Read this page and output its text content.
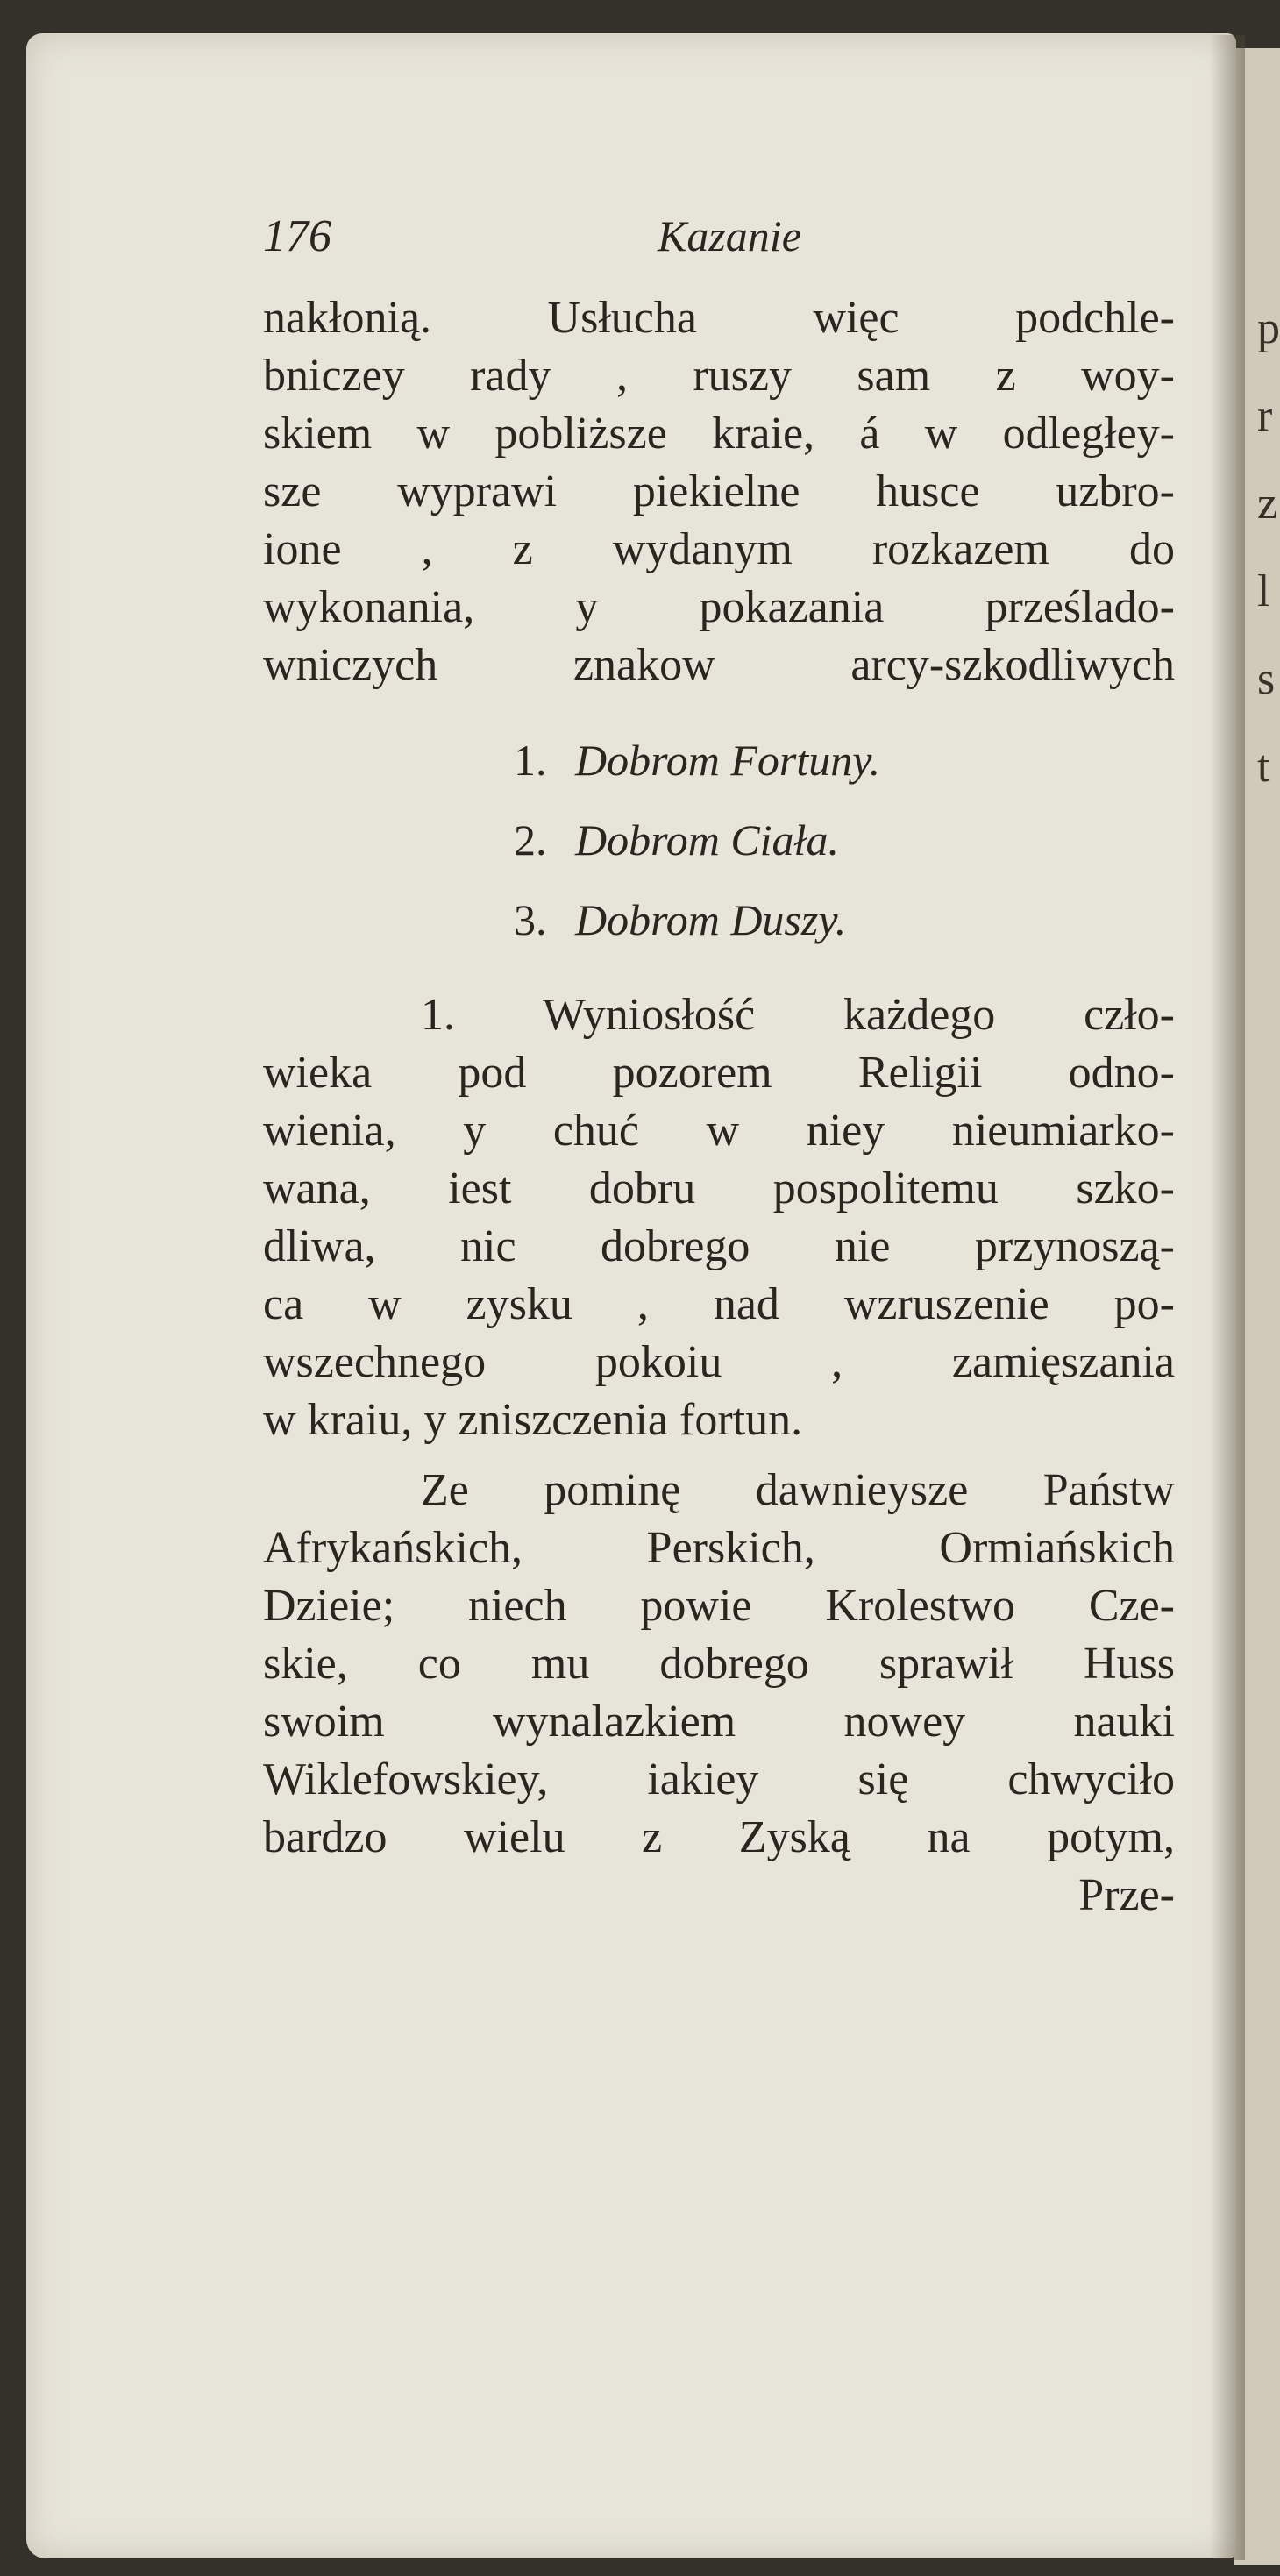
p
r
z
l
s
t
176	Kazanie
nakłonią. Usłucha więc podchle-
bniczey rady , ruszy sam z woy-
skiem w pobliższe kraie, á w odległey-
sze wyprawi piekielne husce uzbro-
ione , z wydanym rozkazem do
wykonania, y pokazania prześlado-
wniczych znakow arcy-szkodliwych
1. Dobrom Fortuny.
2. Dobrom Ciała.
3. Dobrom Duszy.
1. Wyniosłość każdego czło-
wieka pod pozorem Religii odno-
wienia, y chuć w niey nieumiarko-
wana, iest dobru pospolitemu szko-
dliwa, nic dobrego nie przynoszą-
ca w zysku , nad wzruszenie po-
wszechnego pokoiu , zamięszania
w kraiu, y zniszczenia fortun.
Ze pominę dawnieysze Państw
Afrykańskich, Perskich, Ormiańskich
Dzieie; niech powie Krolestwo Cze-
skie, co mu dobrego sprawił Huss
swoim wynalazkiem nowey nauki
Wiklefowskiey, iakiey się chwyciło
bardzo wielu z Zyską na potym,
Prze-
